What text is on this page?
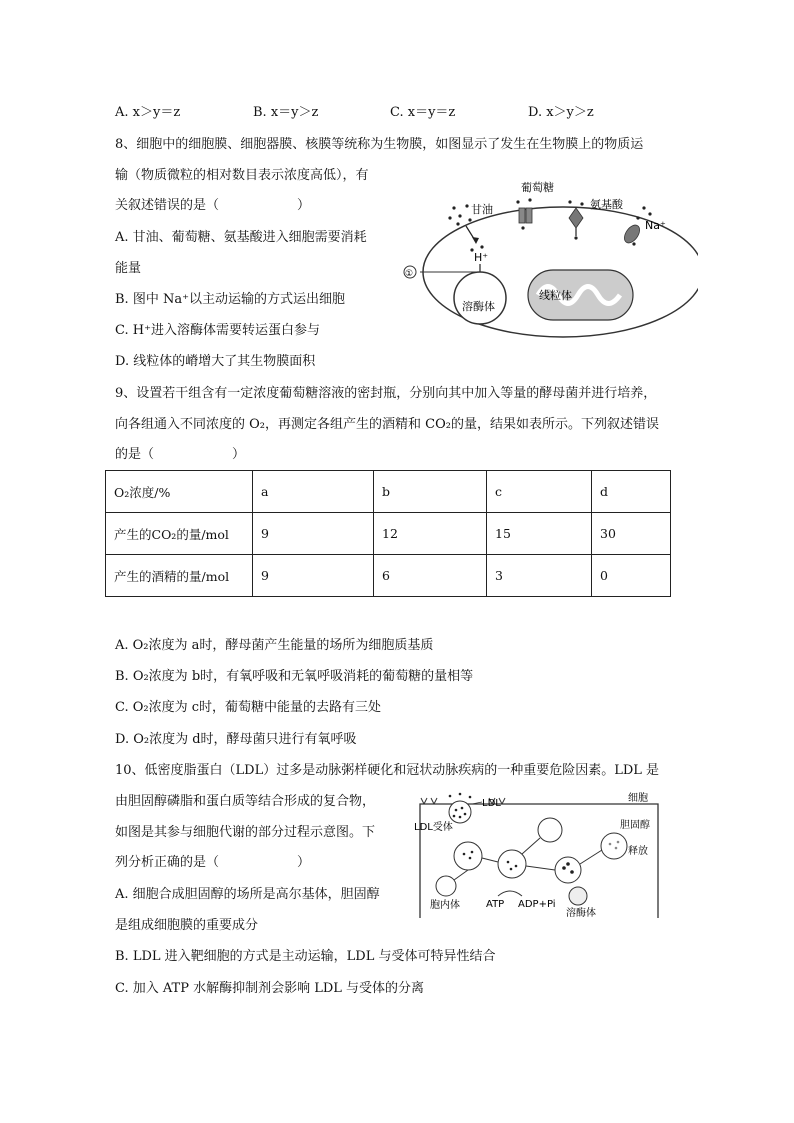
A. x＞y＝z	B. x＝y＞z	C. x＝y＝z	D. x＞y＞z
8、细胞中的细胞膜、细胞器膜、核膜等统称为生物膜，如图显示了发生在生物膜上的物质运
输（物质微粒的相对数目表示浓度高低），有
关叙述错误的是（　　　　　　）
A. 甘油、葡萄糖、氨基酸进入细胞需要消耗
能量
B. 图中 Na⁺以主动运输的方式运出细胞
C. H⁺进入溶酶体需要转运蛋白参与
D. 线粒体的嵴增大了其生物膜面积
甘油
葡萄糖
氨基酸
Na⁺
H⁺
①
溶酶体
线粒体
9、设置若干组含有一定浓度葡萄糖溶液的密封瓶，分别向其中加入等量的酵母菌并进行培养，
向各组通入不同浓度的 O₂，再测定各组产生的酒精和 CO₂的量，结果如表所示。下列叙述错误
的是（　　　　　　）
O₂浓度/%	a	b	c	d
产生的CO₂的量/mol	9	12	15	30
产生的酒精的量/mol	9	6	3	0
A. O₂浓度为 a时，酵母菌产生能量的场所为细胞质基质
B. O₂浓度为 b时，有氧呼吸和无氧呼吸消耗的葡萄糖的量相等
C. O₂浓度为 c时，葡萄糖中能量的去路有三处
D. O₂浓度为 d时，酵母菌只进行有氧呼吸
10、低密度脂蛋白（LDL）过多是动脉粥样硬化和冠状动脉疾病的一种重要危险因素。LDL 是
由胆固醇磷脂和蛋白质等结合形成的复合物，
如图是其参与细胞代谢的部分过程示意图。下
列分析正确的是（　　　　　　）
A. 细胞合成胆固醇的场所是高尔基体，胆固醇
是组成细胞膜的重要成分
B. LDL 进入靶细胞的方式是主动运输，LDL 与受体可特异性结合
C. 加入 ATP 水解酶抑制剂会影响 LDL 与受体的分离
细胞
LDL
LDL受体	胆固醇
释放
胞内体
溶酶体
ATP ADP+Pi
